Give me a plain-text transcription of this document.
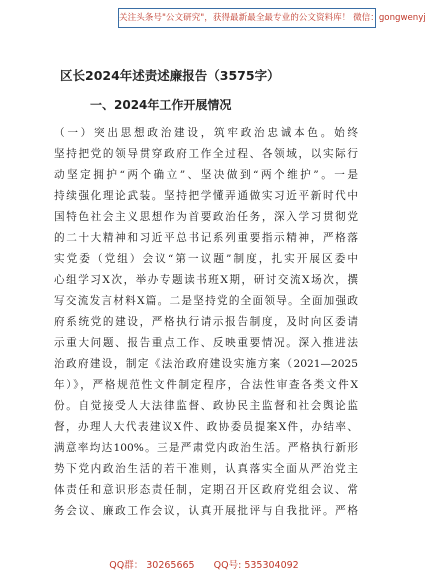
关注头条号"公文研究"，获得最新最全最专业的公文资料库！ 微信：gongwenyj
区长2024年述责述廉报告（3575字）
一、2024年工作开展情况
（一）突出思想政治建设，筑牢政治忠诚本色。始终
坚持把党的领导贯穿政府工作全过程、各领域，以实际行
动坚定拥护“两个确立”、坚决做到“两个维护”。一是
持续强化理论武装。坚持把学懂弄通做实习近平新时代中
国特色社会主义思想作为首要政治任务，深入学习贯彻党
的二十大精神和习近平总书记系列重要指示精神，严格落
实党委（党组）会议“第一议题”制度，扎实开展区委中
心组学习X次，举办专题读书班X期，研讨交流X场次，撰
写交流发言材料X篇。二是坚持党的全面领导。全面加强政
府系统党的建设，严格执行请示报告制度，及时向区委请
示重大问题、报告重点工作、反映重要情况。深入推进法
治政府建设，制定《法治政府建设实施方案（2021—2025
年）》，严格规范性文件制定程序，合法性审查各类文件X
份。自觉接受人大法律监督、政协民主监督和社会舆论监
督，办理人大代表建议X件、政协委员提案X件，办结率、
满意率均达100%。三是严肃党内政治生活。严格执行新形
势下党内政治生活的若干准则，认真落实全面从严治党主
体责任和意识形态责任制，定期召开区政府党组会议、常
务会议、廉政工作会议，认真开展批评与自我批评。严格
QQ群： 30265665 QQ号: 535304092
